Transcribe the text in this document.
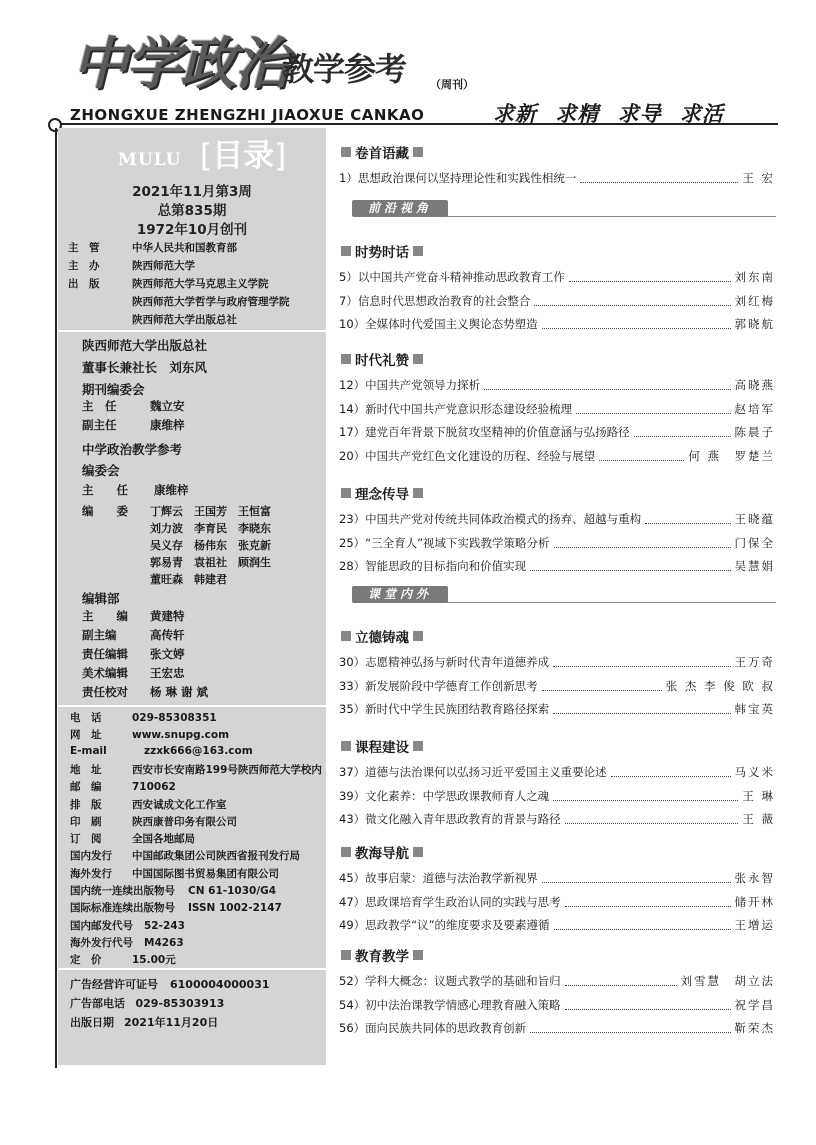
中学政治
教学参考 （周刊）
ZHONGXUE ZHENGZHI JIAOXUE CANKAO	求新 求精 求导 求活
MULU [目录]
2021年11月第3周
总第835期
1972年10月创刊
主　管	中华人民共和国教育部
主　办	陕西师范大学
出　版	陕西师范大学马克思主义学院
陕西师范大学哲学与政府管理学院
陕西师范大学出版总社
陕西师范大学出版总社
董事长兼社长 刘东风
期刊编委会
主　任	魏立安
副主任	康维梓
中学政治教学参考
编委会
主　　任 康维梓
编　　委 丁辉云　王国芳　王恒富
刘力波　李育民　李晓东
吴义存　杨伟东　张克新
郭易青　袁祖社　顾润生
董旺森　韩建君
编辑部
主　　编 黄建特
副主编	高传轩
责任编辑 张文婷
美术编辑 王宏忠
责任校对 杨 琳 谢 斌
电　话	029-85308351
网　址	www.snupg.com
E-mail	zzxk666@163.com
地　址	西安市长安南路199号陕西师范大学校内
邮　编	710062
排　版	西安诚成文化工作室
印　刷	陕西康普印务有限公司
订　阅	全国各地邮局
国内发行 中国邮政集团公司陕西省报刊发行局
海外发行 中国国际图书贸易集团有限公司
国内统一连续出版物号 CN 61-1030/G4
国际标准连续出版物号 ISSN 1002-2147
国内邮发代号 52-243
海外发行代号 M4263
定　价	15.00元
广告经营许可证号 6100004000031
广告部电话 029-85303913
出版日期 2021年11月20日
卷首语藏
1）思想政治课何以坚持理论性和实践性相统一	王 宏
时势时话
5）以中国共产党奋斗精神推动思政教育工作	刘东南
7）信息时代思想政治教育的社会整合	刘红梅
10）全媒体时代爱国主义舆论态势塑造	郭晓航
时代礼赞
12）中国共产党领导力探析	高晓燕
14）新时代中国共产党意识形态建设经验梳理	赵培军
17）建党百年背景下脱贫攻坚精神的价值意涵与弘扬路径	陈晨子
20）中国共产党红色文化建设的历程、经验与展望	何 燕　罗楚兰
理念传导
23）中国共产党对传统共同体政治模式的扬弃、超越与重构	王晓蕴
25）“三全育人”视域下实践教学策略分析	门保全
28）智能思政的目标指向和价值实现	吴慧娟
立德铸魂
30）志愿精神弘扬与新时代青年道德养成	王万奇
33）新发展阶段中学德育工作创新思考	张 杰 李 俊 欧 叔
35）新时代中学生民族团结教育路径探索	韩宝英
课程建设
37）道德与法治课何以弘扬习近平爱国主义重要论述	马义米
39）文化素养：中学思政课教师育人之魂	王 琳
43）微文化融入青年思政教育的背景与路径	王 薇
教海导航
45）故事启蒙：道德与法治教学新视界	张永智
47）思政课培育学生政治认同的实践与思考	储开林
49）思政教学“议”的维度要求及要素遵循	王增运
教育教学
52）学科大概念：议题式教学的基础和旨归	刘雪慧　胡立法
54）初中法治课教学情感心理教育融入策略	祝学昌
56）面向民族共同体的思政教育创新	靳荣杰
前沿视角
课堂内外
